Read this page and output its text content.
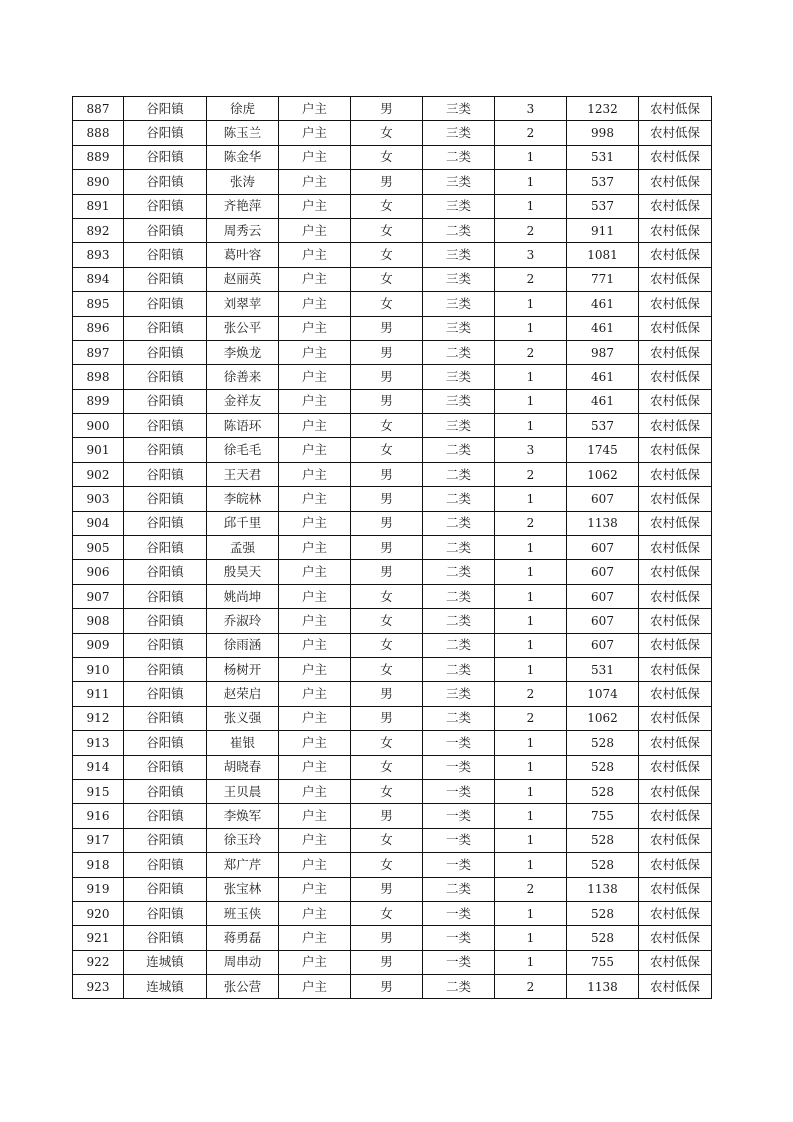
887	谷阳镇	徐虎	户主	男	三类	3	1232	农村低保
888	谷阳镇	陈玉兰	户主	女	三类	2	998	农村低保
889	谷阳镇	陈金华	户主	女	二类	1	531	农村低保
890	谷阳镇	张涛	户主	男	三类	1	537	农村低保
891	谷阳镇	齐艳萍	户主	女	三类	1	537	农村低保
892	谷阳镇	周秀云	户主	女	二类	2	911	农村低保
893	谷阳镇	葛叶容	户主	女	三类	3	1081	农村低保
894	谷阳镇	赵丽英	户主	女	三类	2	771	农村低保
895	谷阳镇	刘翠苹	户主	女	三类	1	461	农村低保
896	谷阳镇	张公平	户主	男	三类	1	461	农村低保
897	谷阳镇	李焕龙	户主	男	二类	2	987	农村低保
898	谷阳镇	徐善来	户主	男	三类	1	461	农村低保
899	谷阳镇	金祥友	户主	男	三类	1	461	农村低保
900	谷阳镇	陈语环	户主	女	三类	1	537	农村低保
901	谷阳镇	徐毛毛	户主	女	二类	3	1745	农村低保
902	谷阳镇	王天君	户主	男	二类	2	1062	农村低保
903	谷阳镇	李皖林	户主	男	二类	1	607	农村低保
904	谷阳镇	邱千里	户主	男	二类	2	1138	农村低保
905	谷阳镇	孟强	户主	男	二类	1	607	农村低保
906	谷阳镇	殷昊天	户主	男	二类	1	607	农村低保
907	谷阳镇	姚尚坤	户主	女	二类	1	607	农村低保
908	谷阳镇	乔淑玲	户主	女	二类	1	607	农村低保
909	谷阳镇	徐雨涵	户主	女	二类	1	607	农村低保
910	谷阳镇	杨树开	户主	女	二类	1	531	农村低保
911	谷阳镇	赵荣启	户主	男	三类	2	1074	农村低保
912	谷阳镇	张义强	户主	男	二类	2	1062	农村低保
913	谷阳镇	崔银	户主	女	一类	1	528	农村低保
914	谷阳镇	胡晓春	户主	女	一类	1	528	农村低保
915	谷阳镇	王贝晨	户主	女	一类	1	528	农村低保
916	谷阳镇	李焕军	户主	男	一类	1	755	农村低保
917	谷阳镇	徐玉玲	户主	女	一类	1	528	农村低保
918	谷阳镇	郑广芹	户主	女	一类	1	528	农村低保
919	谷阳镇	张宝林	户主	男	二类	2	1138	农村低保
920	谷阳镇	班玉侠	户主	女	一类	1	528	农村低保
921	谷阳镇	蒋勇磊	户主	男	一类	1	528	农村低保
922	连城镇	周串动	户主	男	一类	1	755	农村低保
923	连城镇	张公营	户主	男	二类	2	1138	农村低保
